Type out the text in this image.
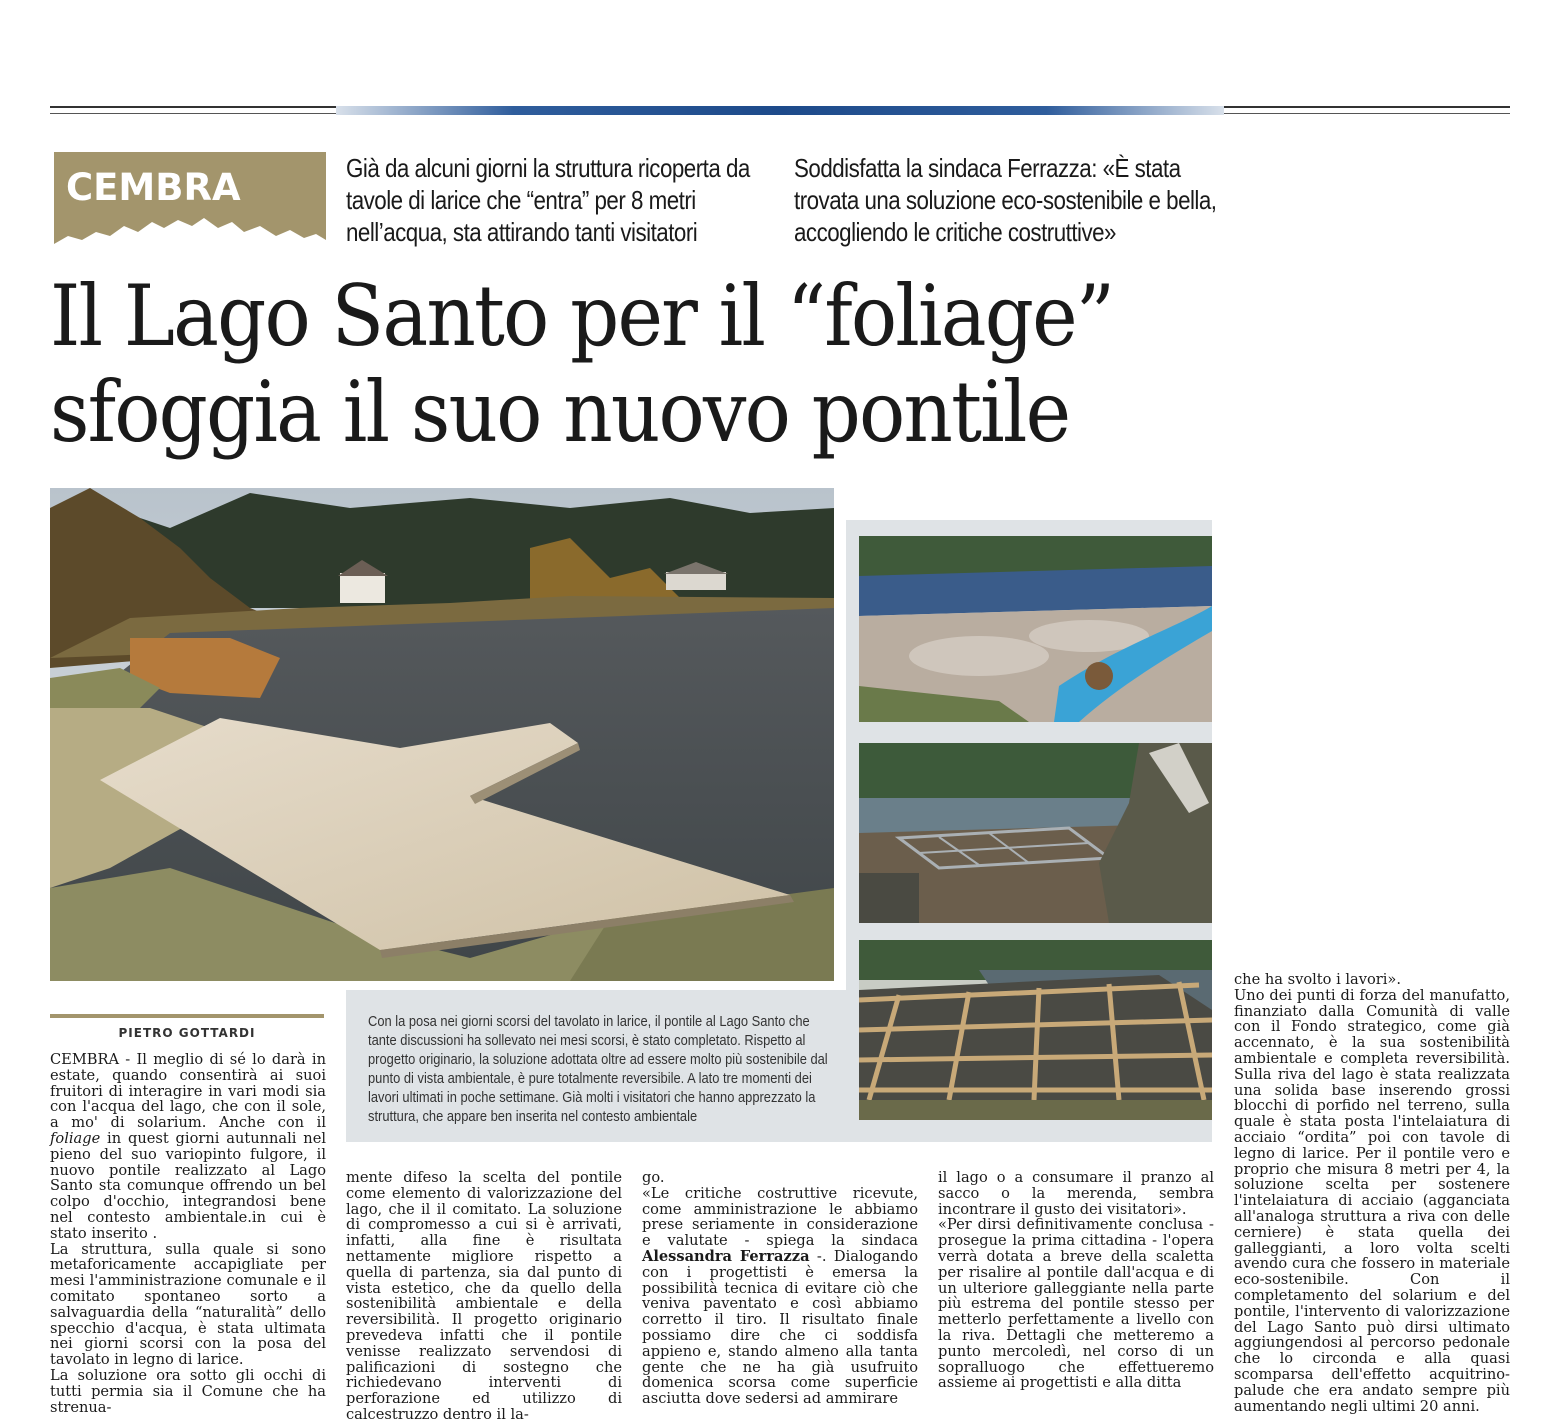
CEMBRA	Già da alcuni giorni la struttura ricoperta da tavole di larice che “entra” per 8 metri nell’acqua, sta attirando tanti visitatori
Soddisfatta la sindaca Ferrazza: «È stata trovata una soluzione eco-sostenibile e bella, accogliendo le critiche costruttive»
Il Lago Santo per il “foliage”
sfoggia il suo nuovo pontile
Con la posa nei giorni scorsi del tavolato in larice, il pontile al Lago Santo che tante discussioni ha sollevato nei mesi scorsi, è stato completato. Rispetto al progetto originario, la soluzione adottata oltre ad essere molto più sostenibile dal punto di vista ambientale, è pure totalmente reversibile. A lato tre momenti dei lavori ultimati in poche settimane. Già molti i visitatori che hanno apprezzato la struttura, che appare ben inserita nel contesto ambientale
PIETRO GOTTARDI

CEMBRA - Il meglio di sé lo darà in estate, quando consentirà ai suoi fruitori di interagire in vari modi sia con l'acqua del lago, che con il sole, a mo' di solarium. Anche con il foliage in quest giorni autunnali nel pieno del suo variopinto fulgore, il nuovo pontile realizzato al Lago Santo sta comunque offrendo un bel colpo d'occhio, integrandosi bene nel contesto ambientale.in cui è stato inserito .

La struttura, sulla quale si sono metaforicamente accapigliate per mesi l'amministrazione comunale e il comitato spontaneo sorto a salvaguardia della “naturalità” dello specchio d'acqua, è stata ultimata nei giorni scorsi con la posa del tavolato in legno di larice.

La soluzione ora sotto gli occhi di tutti permia sia il Comune che ha strenua-

mente difeso la scelta del pontile come elemento di valorizzazione del lago, che il il comitato. La soluzione di compromesso a cui si è arrivati, infatti, alla fine è risultata nettamente migliore rispetto a quella di partenza, sia dal punto di vista estetico, che da quello della sostenibilità ambientale e della reversibilità. Il progetto originario prevedeva infatti che il pontile venisse realizzato servendosi di palificazioni di sostegno che richiedevano interventi di perforazione ed utilizzo di calcestruzzo dentro il la-

go.

«Le critiche costruttive ricevute, come amministrazione le abbiamo prese seriamente in considerazione e valutate - spiega la sindaca Alessandra Ferrazza -. Dialogando con i progettisti è emersa la possibilità tecnica di evitare ciò che veniva paventato e così abbiamo corretto il tiro. Il risultato finale possiamo dire che ci soddisfa appieno e, stando almeno alla tanta gente che ne ha già usufruito domenica scorsa come superficie asciutta dove sedersi ad ammirare

il lago o a consumare il pranzo al sacco o la merenda, sembra incontrare il gusto dei visitatori».

«Per dirsi definitivamente conclusa - prosegue la prima cittadina - l'opera verrà dotata a breve della scaletta per risalire al pontile dall'acqua e di un ulteriore galleggiante nella parte più estrema del pontile stesso per metterlo perfettamente a livello con la riva. Dettagli che metteremo a punto mercoledì, nel corso di un sopralluogo che effettueremo assieme ai progettisti e alla ditta

che ha svolto i lavori».

Uno dei punti di forza del manufatto, finanziato dalla Comunità di valle con il Fondo strategico, come già accennato, è la sua sostenibilità ambientale e completa reversibilità. Sulla riva del lago è stata realizzata una solida base inserendo grossi blocchi di porfido nel terreno, sulla quale è stata posta l'intelaiatura di acciaio “ordita” poi con tavole di legno di larice. Per il pontile vero e proprio che misura 8 metri per 4, la soluzione scelta per sostenere l'intelaiatura di acciaio (agganciata all'analoga struttura a riva con delle cerniere) è stata quella dei galleggianti, a loro volta scelti avendo cura che fossero in materiale eco-sostenibile. Con il completamento del solarium e del pontile, l'intervento di valorizzazione del Lago Santo può dirsi ultimato aggiungendosi al percorso pedonale che lo circonda e alla quasi scomparsa dell'effetto acquitrino-palude che era andato sempre più aumentando negli ultimi 20 anni.
